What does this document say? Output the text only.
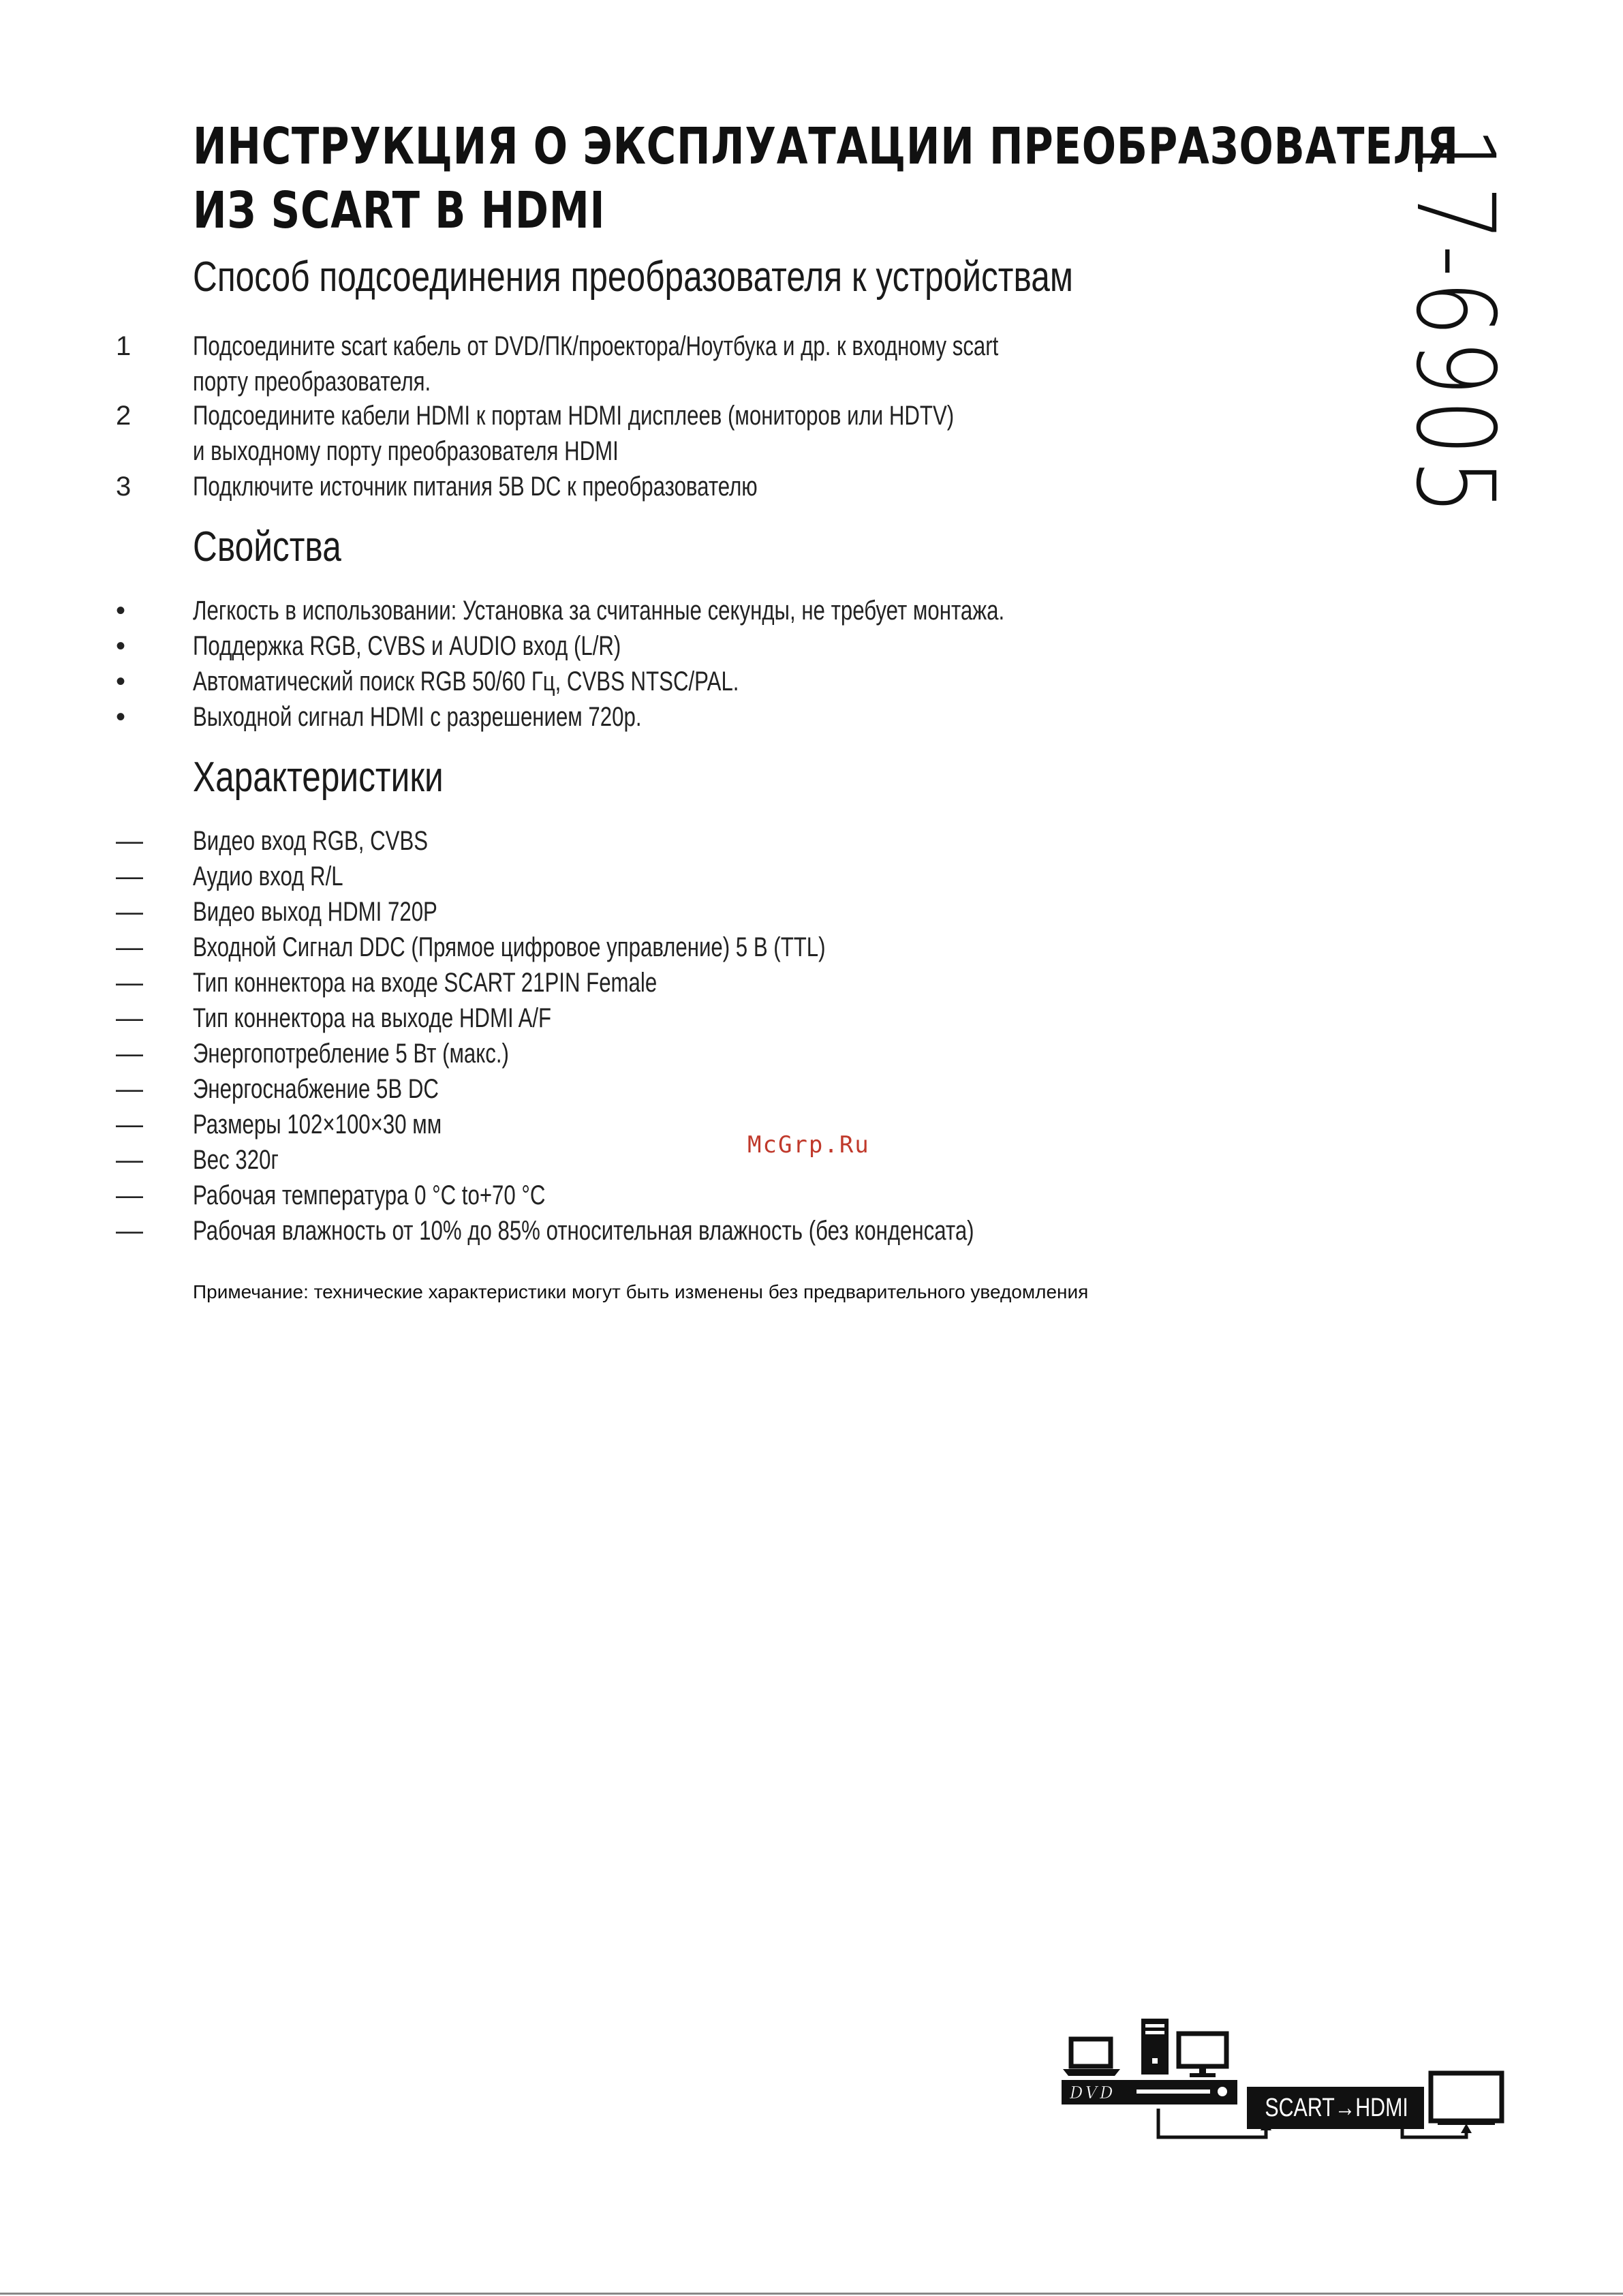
ИНСТРУКЦИЯ О ЭКСПЛУАТАЦИИ ПРЕОБРАЗОВАТЕЛЯ
ИЗ SCART В HDMI	17-6905
Способ подсоединения преобразователя к устройствам
1	Подсоедините scart кабель от DVD/ПК/проектора/Ноутбука и др. к входному scart
порту преобразователя.
2	Подсоедините кабели HDMI к портам HDMI дисплеев (мониторов или HDTV)
и выходному порту преобразователя HDMI
3	Подключите источник питания 5В DC к преобразователю
Свойства
•	Легкость в использовании: Установка за считанные секунды, не требует монтажа.
•	Поддержка RGB, CVBS и AUDIO вход (L/R)
•	Автоматический поиск RGB 50/60 Гц, CVBS NTSC/PAL.
•	Выходной сигнал HDMI с разрешением 720p.
Характеристики
—	Видео вход RGB, CVBS
—	Аудио вход R/L
—	Видео выход HDMI 720P
—	Входной Сигнал DDC (Прямое цифровое управление) 5 В (TTL)
—	Тип коннектора на входе SCART 21PIN Female
—	Тип коннектора на выходе HDMI A/F
—	Энергопотребление 5 Вт (макс.)
—	Энергоснабжение 5В DC
—	Размеры 102×100×30 мм
—	Вес 320г
—	Рабочая температура 0 °C to+70 °C
—	Рабочая влажность от 10% до 85% относительная влажность (без конденсата)
Примечание: технические характеристики могут быть изменены без предварительного уведомления
McGrp.Ru
DVD
SCART→HDMI
